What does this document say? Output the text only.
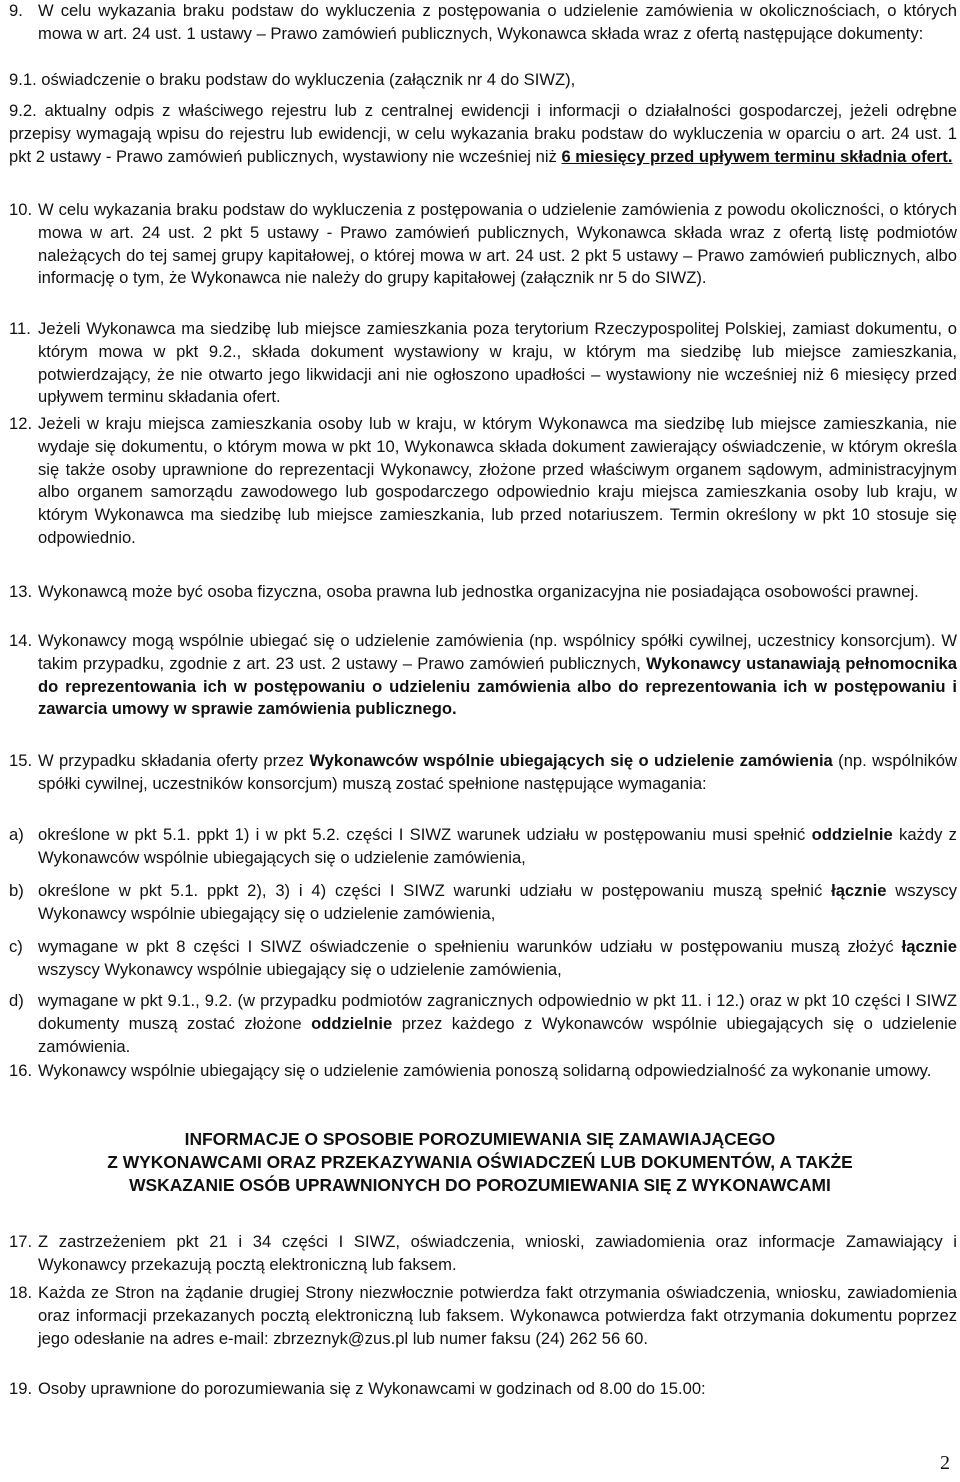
9. W celu wykazania braku podstaw do wykluczenia z postępowania o udzielenie zamówienia w okolicznościach, o których mowa w art. 24 ust. 1 ustawy – Prawo zamówień publicznych, Wykonawca składa wraz z ofertą następujące dokumenty:
9.1. oświadczenie o braku podstaw do wykluczenia (załącznik nr 4 do SIWZ),
9.2. aktualny odpis z właściwego rejestru lub z centralnej ewidencji i informacji o działalności gospodarczej, jeżeli odrębne przepisy wymagają wpisu do rejestru lub ewidencji, w celu wykazania braku podstaw do wykluczenia w oparciu o art. 24 ust. 1 pkt 2 ustawy - Prawo zamówień publicznych, wystawiony nie wcześniej niż 6 miesięcy przed upływem terminu składnia ofert.
10. W celu wykazania braku podstaw do wykluczenia z postępowania o udzielenie zamówienia z powodu okoliczności, o których mowa w art. 24 ust. 2 pkt 5 ustawy - Prawo zamówień publicznych, Wykonawca składa wraz z ofertą listę podmiotów należących do tej samej grupy kapitałowej, o której mowa w art. 24 ust. 2 pkt 5 ustawy – Prawo zamówień publicznych, albo informację o tym, że Wykonawca nie należy do grupy kapitałowej (załącznik nr 5 do SIWZ).
11. Jeżeli Wykonawca ma siedzibę lub miejsce zamieszkania poza terytorium Rzeczypospolitej Polskiej, zamiast dokumentu, o którym mowa w pkt 9.2., składa dokument wystawiony w kraju, w którym ma siedzibę lub miejsce zamieszkania, potwierdzający, że nie otwarto jego likwidacji ani nie ogłoszono upadłości – wystawiony nie wcześniej niż 6 miesięcy przed upływem terminu składania ofert.
12. Jeżeli w kraju miejsca zamieszkania osoby lub w kraju, w którym Wykonawca ma siedzibę lub miejsce zamieszkania, nie wydaje się dokumentu, o którym mowa w pkt 10, Wykonawca składa dokument zawierający oświadczenie, w którym określa się także osoby uprawnione do reprezentacji Wykonawcy, złożone przed właściwym organem sądowym, administracyjnym albo organem samorządu zawodowego lub gospodarczego odpowiednio kraju miejsca zamieszkania osoby lub kraju, w którym Wykonawca ma siedzibę lub miejsce zamieszkania, lub przed notariuszem. Termin określony w pkt 10 stosuje się odpowiednio.
13. Wykonawcą może być osoba fizyczna, osoba prawna lub jednostka organizacyjna nie posiadająca osobowości prawnej.
14. Wykonawcy mogą wspólnie ubiegać się o udzielenie zamówienia (np. wspólnicy spółki cywilnej, uczestnicy konsorcjum). W takim przypadku, zgodnie z art. 23 ust. 2 ustawy – Prawo zamówień publicznych, Wykonawcy ustanawiają pełnomocnika do reprezentowania ich w postępowaniu o udzieleniu zamówienia albo do reprezentowania ich w postępowaniu i zawarcia umowy w sprawie zamówienia publicznego.
15. W przypadku składania oferty przez Wykonawców wspólnie ubiegających się o udzielenie zamówienia (np. wspólników spółki cywilnej, uczestników konsorcjum) muszą zostać spełnione następujące wymagania:
a) określone w pkt 5.1. ppkt 1) i w pkt 5.2. części I SIWZ warunek udziału w postępowaniu musi spełnić oddzielnie każdy z Wykonawców wspólnie ubiegających się o udzielenie zamówienia,
b) określone w pkt 5.1. ppkt 2), 3) i 4) części I SIWZ warunki udziału w postępowaniu muszą spełnić łącznie wszyscy Wykonawcy wspólnie ubiegający się o udzielenie zamówienia,
c) wymagane w pkt 8 części I SIWZ oświadczenie o spełnieniu warunków udziału w postępowaniu muszą złożyć łącznie wszyscy Wykonawcy wspólnie ubiegający się o udzielenie zamówienia,
d) wymagane w pkt 9.1., 9.2. (w przypadku podmiotów zagranicznych odpowiednio w pkt 11. i 12.) oraz w pkt 10 części I SIWZ dokumenty muszą zostać złożone oddzielnie przez każdego z Wykonawców wspólnie ubiegających się o udzielenie zamówienia.
16. Wykonawcy wspólnie ubiegający się o udzielenie zamówienia ponoszą solidarną odpowiedzialność za wykonanie umowy.
INFORMACJE O SPOSOBIE POROZUMIEWANIA SIĘ ZAMAWIAJĄCEGO
Z WYKONAWCAMI ORAZ PRZEKAZYWANIA OŚWIADCZEŃ LUB DOKUMENTÓW, A TAKŻE
WSKAZANIE OSÓB UPRAWNIONYCH DO POROZUMIEWANIA SIĘ Z WYKONAWCAMI
17. Z zastrzeżeniem pkt 21 i 34 części I SIWZ, oświadczenia, wnioski, zawiadomienia oraz informacje Zamawiający i Wykonawcy przekazują pocztą elektroniczną lub faksem.
18. Każda ze Stron na żądanie drugiej Strony niezwłocznie potwierdza fakt otrzymania oświadczenia, wniosku, zawiadomienia oraz informacji przekazanych pocztą elektroniczną lub faksem. Wykonawca potwierdza fakt otrzymania dokumentu poprzez jego odesłanie na adres e-mail: zbrzeznyk@zus.pl lub numer faksu (24) 262 56 60.
19. Osoby uprawnione do porozumiewania się z Wykonawcami w godzinach od 8.00 do 15.00:
2
